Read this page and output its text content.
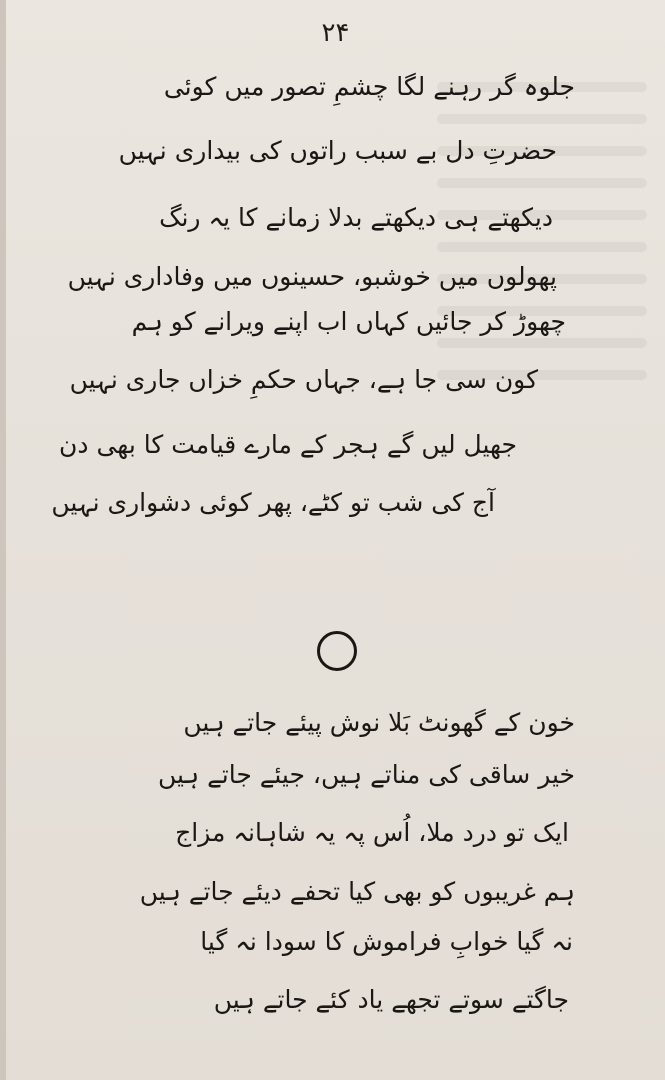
۲۴
جلوہ گر رہنے لگا چشمِ تصور میں کوئی
حضرتِ دل بے سبب راتوں کی بیداری نہیں
دیکھتے ہی دیکھتے بدلا زمانے کا یہ رنگ
پھولوں میں خوشبو، حسینوں میں وفاداری نہیں
چھوڑ کر جائیں کہاں اب اپنے ویرانے کو ہم
کون سی جا ہے، جہاں حکمِ خزاں جاری نہیں
جھیل لیں گے ہجر کے مارے قیامت کا بھی دن
آج کی شب تو کٹے، پھر کوئی دشواری نہیں
خون کے گھونٹ بَلا نوش پیئے جاتے ہیں
خیر ساقی کی مناتے ہیں، جیئے جاتے ہیں
ایک تو درد ملا، اُس پہ یہ شاہانہ مزاج
ہم غریبوں کو بھی کیا تحفے دیئے جاتے ہیں
نہ گیا خوابِ فراموش کا سودا نہ گیا
جاگتے سوتے تجھے یاد کئے جاتے ہیں
